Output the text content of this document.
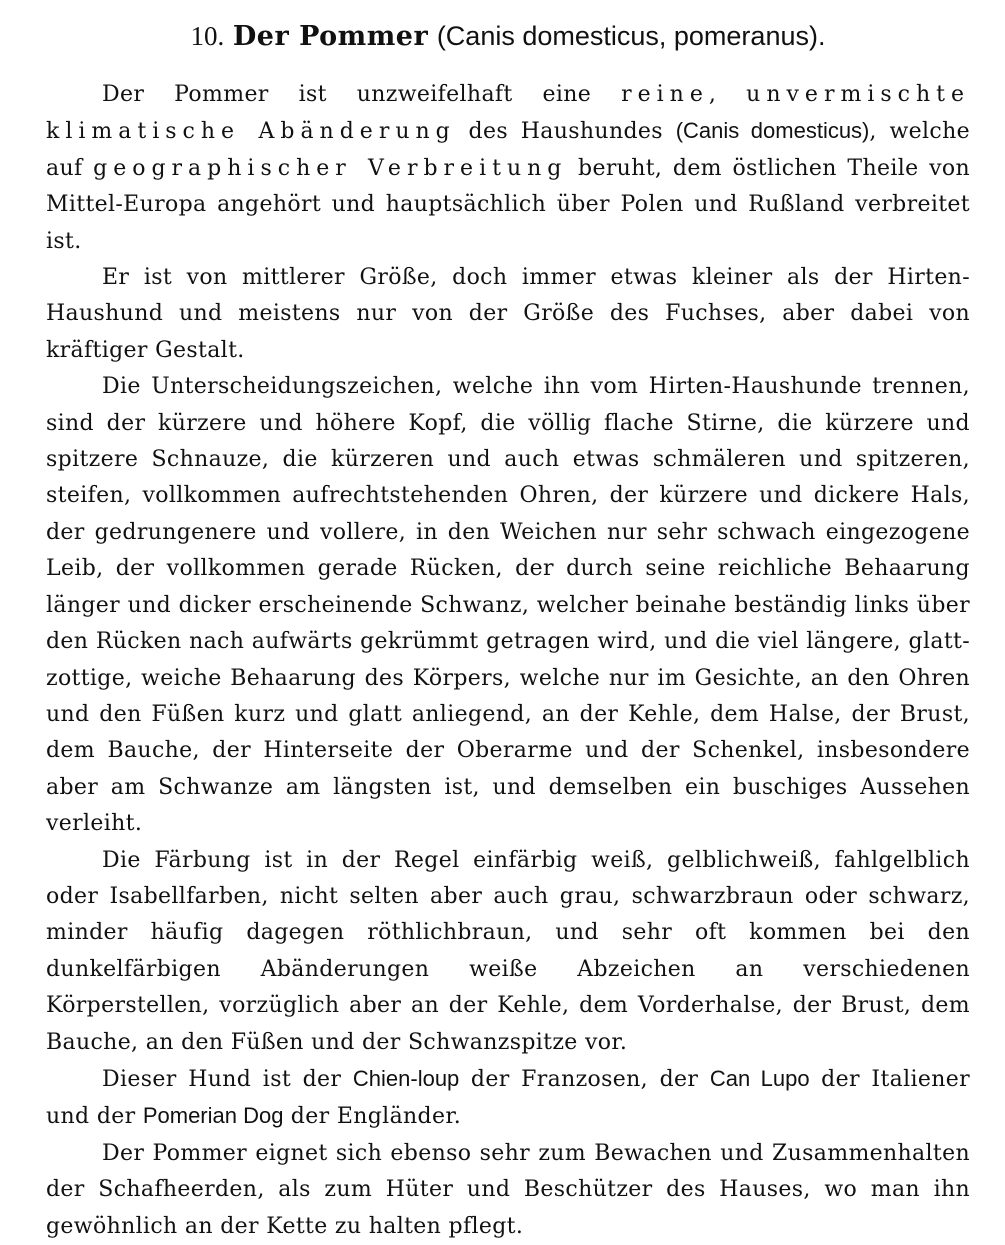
10. Der Pommer (Canis domesticus, pomeranus).

Der Pommer ist unzweifelhaft eine reine, unvermischte klimatische Abänderung des Haushundes (Canis domesticus), welche auf geographischer Verbreitung beruht, dem östlichen Theile von Mittel-Europa angehört und hauptsächlich über Polen und Rußland verbreitet ist.

Er ist von mittlerer Größe, doch immer etwas kleiner als der Hirten-Haushund und meistens nur von der Größe des Fuchses, aber dabei von kräftiger Gestalt.

Die Unterscheidungszeichen, welche ihn vom Hirten-Haushunde trennen, sind der kürzere und höhere Kopf, die völlig flache Stirne, die kürzere und spitzere Schnauze, die kürzeren und auch etwas schmäleren und spitzeren, steifen, vollkommen aufrechtstehenden Ohren, der kürzere und dickere Hals, der gedrungenere und vollere, in den Weichen nur sehr schwach eingezogene Leib, der vollkommen gerade Rücken, der durch seine reichliche Behaarung länger und dicker erscheinende Schwanz, welcher beinahe beständig links über den Rücken nach aufwärts gekrümmt getragen wird, und die viel längere, glatt-zottige, weiche Behaarung des Körpers, welche nur im Gesichte, an den Ohren und den Füßen kurz und glatt anliegend, an der Kehle, dem Halse, der Brust, dem Bauche, der Hinterseite der Oberarme und der Schenkel, insbesondere aber am Schwanze am längsten ist, und demselben ein buschiges Aussehen verleiht.

Die Färbung ist in der Regel einfärbig weiß, gelblichweiß, fahlgelblich oder Isabellfarben, nicht selten aber auch grau, schwarzbraun oder schwarz, minder häufig dagegen röthlichbraun, und sehr oft kommen bei den dunkelfärbigen Abänderungen weiße Abzeichen an verschiedenen Körperstellen, vorzüglich aber an der Kehle, dem Vorderhalse, der Brust, dem Bauche, an den Füßen und der Schwanzspitze vor.

Dieser Hund ist der Chien-loup der Franzosen, der Can Lupo der Italiener und der Pomerian Dog der Engländer.

Der Pommer eignet sich ebenso sehr zum Bewachen und Zusammenhalten der Schafheerden, als zum Hüter und Beschützer des Hauses, wo man ihn gewöhnlich an der Kette zu halten pflegt.
